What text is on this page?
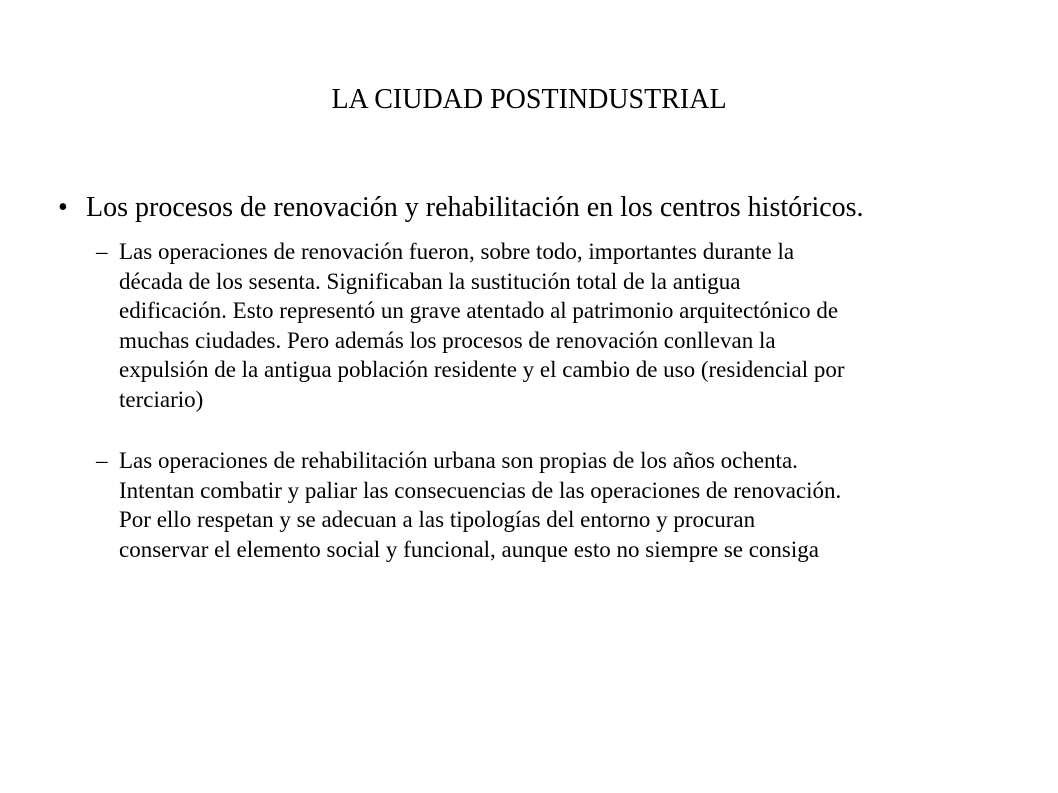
LA CIUDAD POSTINDUSTRIAL
• Los procesos de renovación y rehabilitación en los centros históricos.
– Las operaciones de renovación fueron, sobre todo, importantes durante la
década de los sesenta. Significaban la sustitución total de la antigua
edificación. Esto representó un grave atentado al patrimonio arquitectónico de
muchas ciudades. Pero además los procesos de renovación conllevan la
expulsión de la antigua población residente y el cambio de uso (residencial por
terciario)
– Las operaciones de rehabilitación urbana son propias de los años ochenta.
Intentan combatir y paliar las consecuencias de las operaciones de renovación.
Por ello respetan y se adecuan a las tipologías del entorno y procuran
conservar el elemento social y funcional, aunque esto no siempre se consiga
